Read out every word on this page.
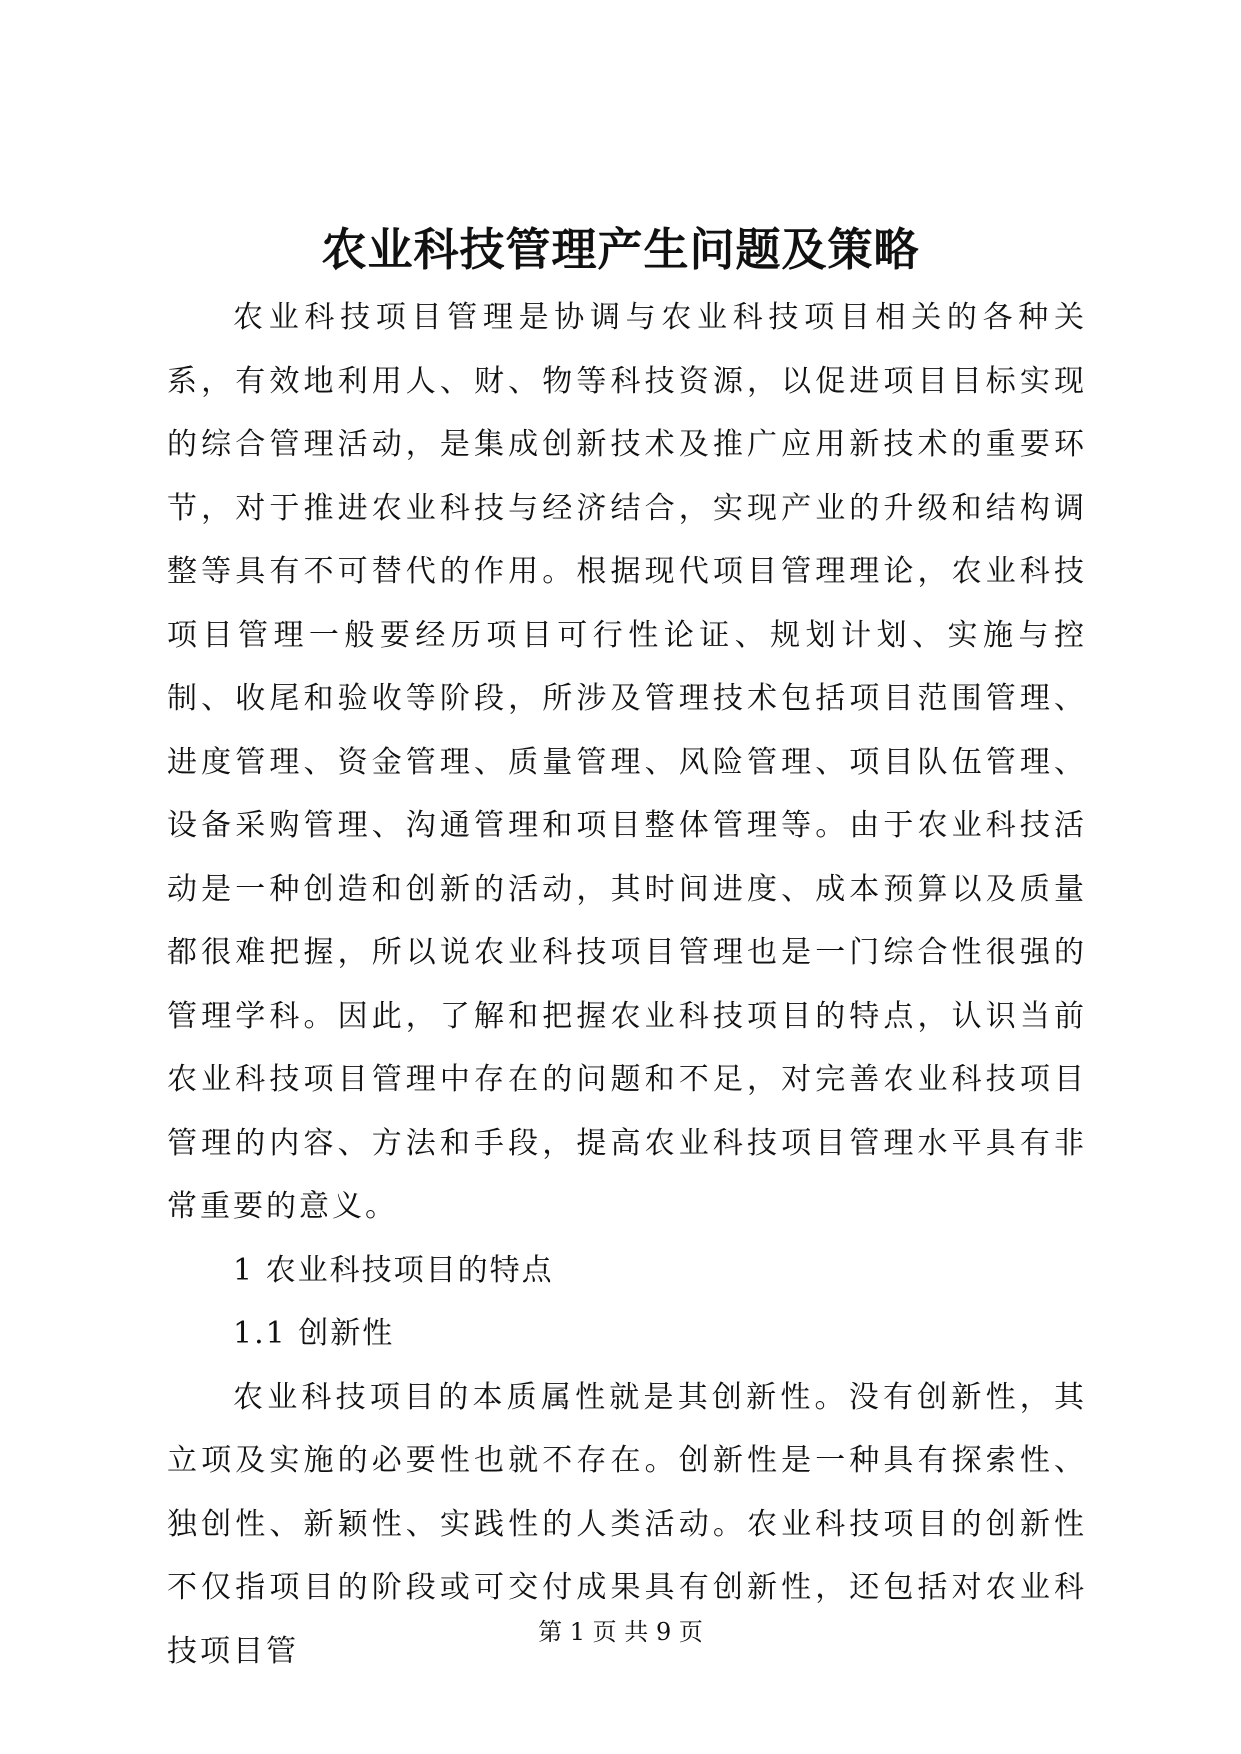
农业科技管理产生问题及策略

农业科技项目管理是协调与农业科技项目相关的各种关系，有效地利用人、财、物等科技资源，以促进项目目标实现的综合管理活动，是集成创新技术及推广应用新技术的重要环节，对于推进农业科技与经济结合，实现产业的升级和结构调整等具有不可替代的作用。根据现代项目管理理论，农业科技项目管理一般要经历项目可行性论证、规划计划、实施与控制、收尾和验收等阶段，所涉及管理技术包括项目范围管理、进度管理、资金管理、质量管理、风险管理、项目队伍管理、设备采购管理、沟通管理和项目整体管理等。由于农业科技活动是一种创造和创新的活动，其时间进度、成本预算以及质量都很难把握，所以说农业科技项目管理也是一门综合性很强的管理学科。因此，了解和把握农业科技项目的特点，认识当前农业科技项目管理中存在的问题和不足，对完善农业科技项目管理的内容、方法和手段，提高农业科技项目管理水平具有非常重要的意义。

1 农业科技项目的特点

1.1 创新性

农业科技项目的本质属性就是其创新性。没有创新性，其立项及实施的必要性也就不存在。创新性是一种具有探索性、独创性、新颖性、实践性的人类活动。农业科技项目的创新性不仅指项目的阶段或可交付成果具有创新性，还包括对农业科技项目管

第 1 页 共 9 页
